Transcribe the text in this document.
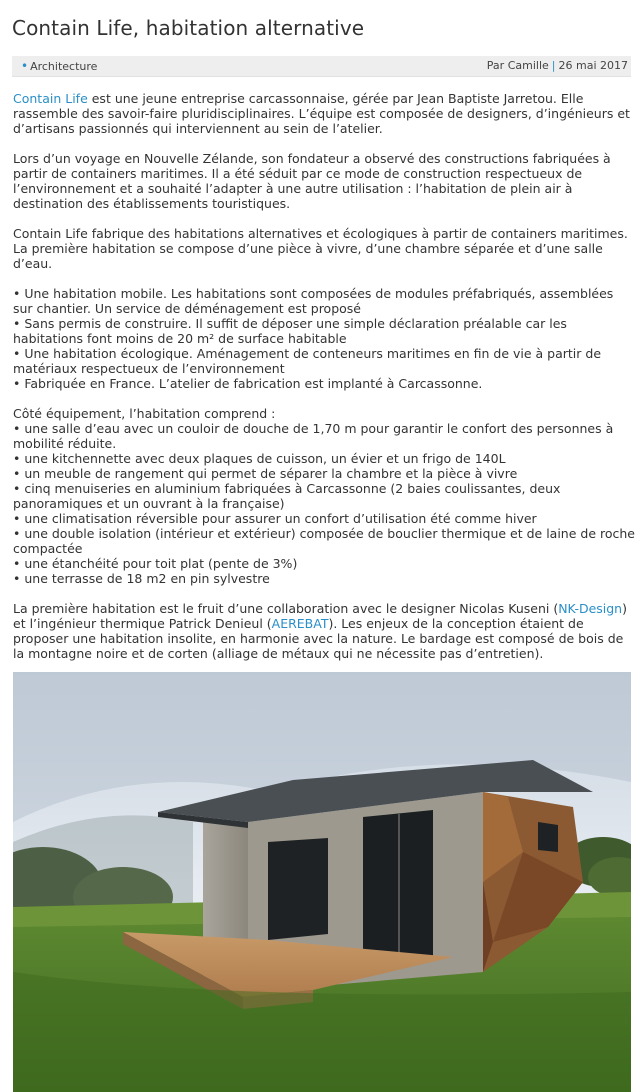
Contain Life, habitation alternative
• Architecture	Par Camille | 26 mai 2017

Contain Life est une jeune entreprise carcassonnaise, gérée par Jean Baptiste Jarretou. Elle rassemble des savoir-faire pluridisciplinaires. L’équipe est composée de designers, d’ingénieurs et d’artisans passionnés qui interviennent au sein de l’atelier.

Lors d’un voyage en Nouvelle Zélande, son fondateur a observé des constructions fabriquées à partir de containers maritimes. Il a été séduit par ce mode de construction respectueux de l’environnement et a souhaité l’adapter à une autre utilisation : l’habitation de plein air à destination des établissements touristiques.

Contain Life fabrique des habitations alternatives et écologiques à partir de containers maritimes. La première habitation se compose d’une pièce à vivre, d’une chambre séparée et d’une salle d’eau.

• Une habitation mobile. Les habitations sont composées de modules préfabriqués, assemblées sur chantier. Un service de déménagement est proposé
• Sans permis de construire. Il suffit de déposer une simple déclaration préalable car les habitations font moins de 20 m² de surface habitable
• Une habitation écologique. Aménagement de conteneurs maritimes en fin de vie à partir de matériaux respectueux de l’environnement
• Fabriquée en France. L’atelier de fabrication est implanté à Carcassonne.

Côté équipement, l’habitation comprend :

• une salle d’eau avec un couloir de douche de 1,70 m pour garantir le confort des personnes à mobilité réduite.
• une kitchennette avec deux plaques de cuisson, un évier et un frigo de 140L
• un meuble de rangement qui permet de séparer la chambre et la pièce à vivre
• cinq menuiseries en aluminium fabriquées à Carcassonne (2 baies coulissantes, deux panoramiques et un ouvrant à la française)
• une climatisation réversible pour assurer un confort d’utilisation été comme hiver
• une double isolation (intérieur et extérieur) composée de bouclier thermique et de laine de roche compactée
• une étanchéité pour toit plat (pente de 3%)
• une terrasse de 18 m2 en pin sylvestre

La première habitation est le fruit d’une collaboration avec le designer Nicolas Kuseni (NK-Design) et l’ingénieur thermique Patrick Denieul (AEREBAT). Les enjeux de la conception étaient de proposer une habitation insolite, en harmonie avec la nature. Le bardage est composé de bois de la montagne noire et de corten (alliage de métaux qui ne nécessite pas d’entretien).
